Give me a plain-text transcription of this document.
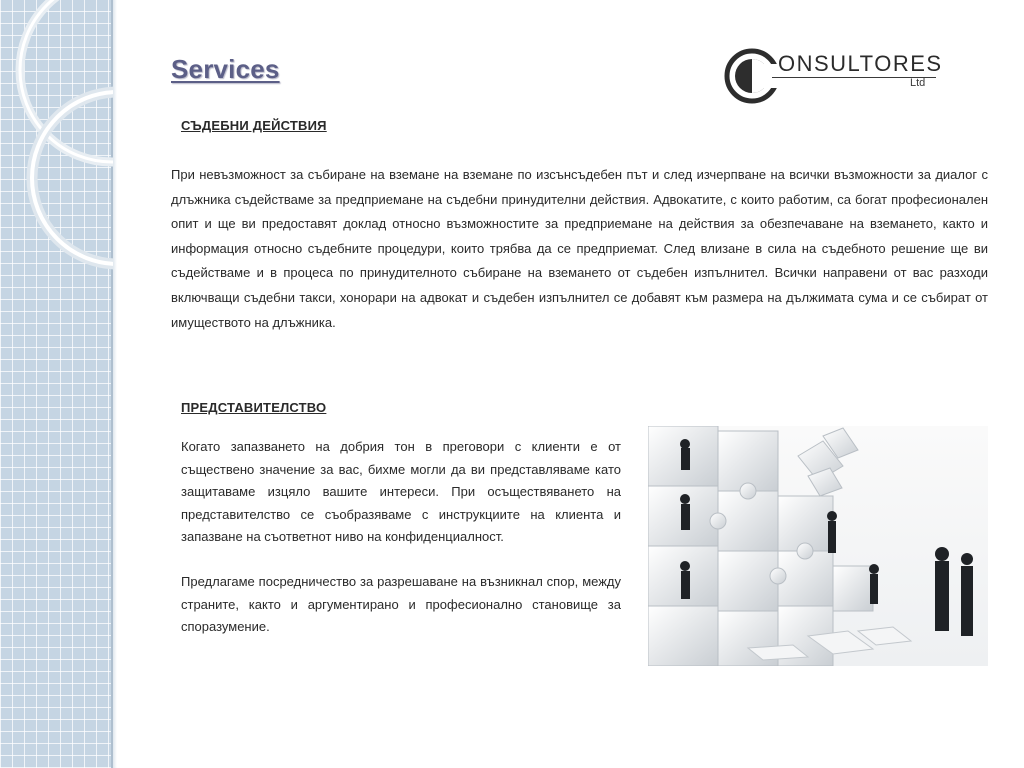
Services	ONSULTORES
Ltd
СЪДЕБНИ ДЕЙСТВИЯ

При невъзможност за събиране на вземане на вземане по изсънсъдебен път и след изчерпване на всички възможности за диалог с длъжника съдействаме за предприемане на съдебни принудителни действия. Адвокатите, с които работим, са богат професионален опит и ще ви предоставят доклад относно възможностите за предприемане на действия за обезпечаване на вземането, както и информация относно съдебните процедури, които трябва да се предприемат. След влизане в сила на съдебното решение ще ви съдействаме и в процеса по принудителното събиране на вземането от съдебен изпълнител. Всички направени от вас разходи включващи съдебни такси, хонорари на адвокат и съдебен изпълнител се добавят към размера на дължимата сума и се събират от имуществото на длъжника.

ПРЕДСТАВИТЕЛСТВО

Когато запазването на добрия тон в преговори с клиенти е от съществено значение за вас, бихме могли да ви представляваме като защитаваме изцяло вашите интереси. При осъществяването на представителство се съобразяваме с инструкциите на клиента и запазване на съответнот ниво на конфиденциалност.

Предлагаме посредничество за разрешаване на възникнал спор, между страните, както и аргументирано и професионално становище за споразумение.
